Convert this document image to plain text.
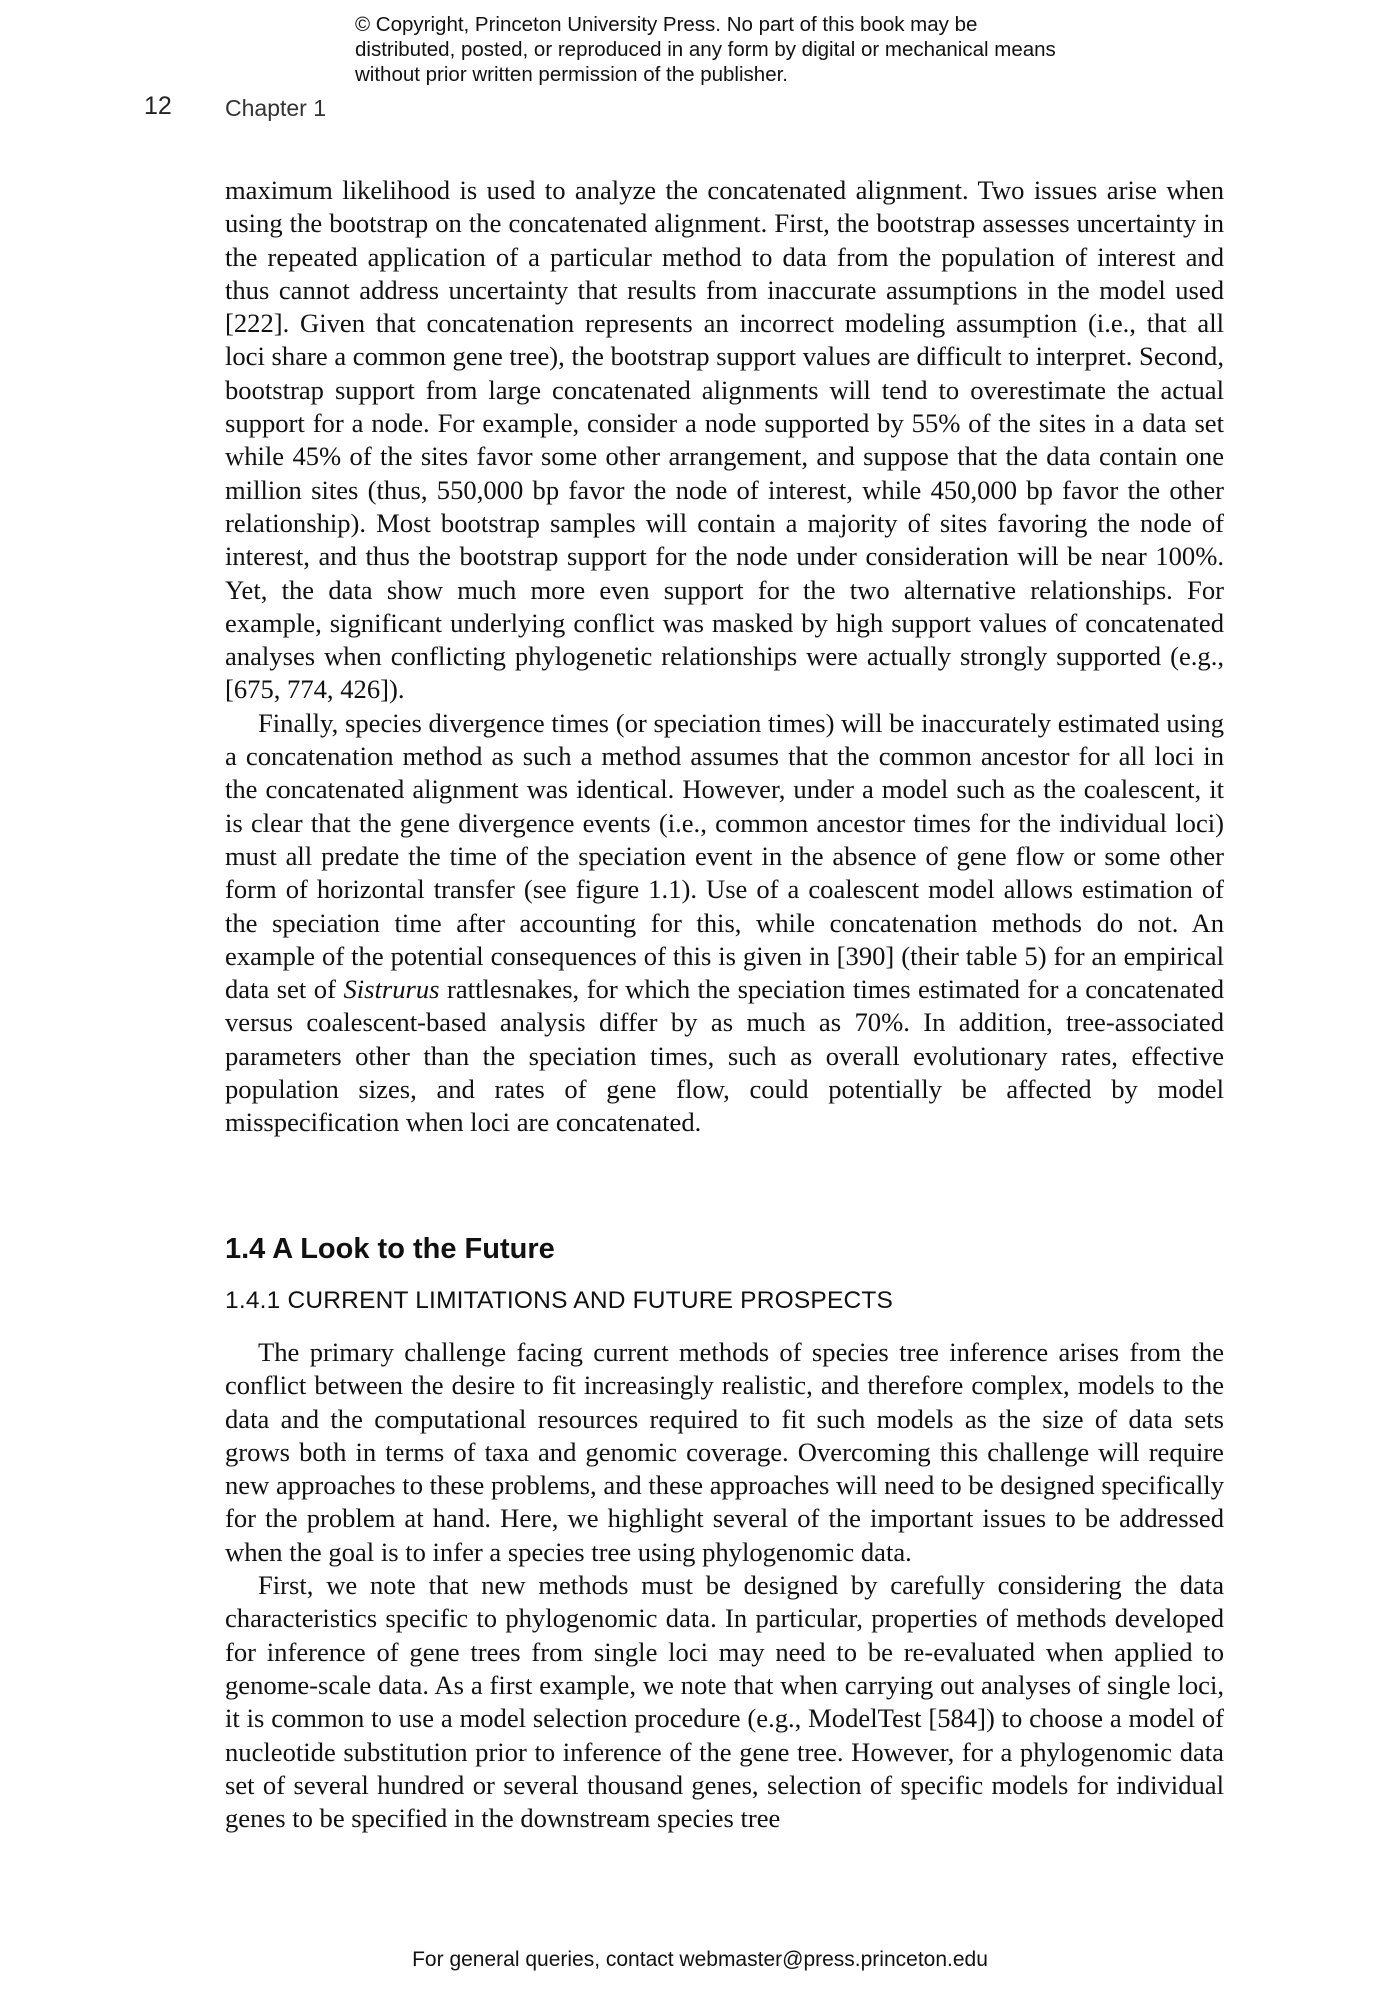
© Copyright, Princeton University Press. No part of this book may be distributed, posted, or reproduced in any form by digital or mechanical means without prior written permission of the publisher.
12 Chapter 1

maximum likelihood is used to analyze the concatenated alignment. Two issues arise when using the bootstrap on the concatenated alignment. First, the bootstrap assesses uncertainty in the repeated application of a particular method to data from the population of interest and thus cannot address uncertainty that results from inaccurate assumptions in the model used [222]. Given that concatenation represents an incorrect modeling assumption (i.e., that all loci share a common gene tree), the bootstrap support values are difficult to interpret. Second, bootstrap support from large concatenated alignments will tend to overestimate the actual support for a node. For example, consider a node supported by 55% of the sites in a data set while 45% of the sites favor some other arrangement, and suppose that the data contain one million sites (thus, 550,000 bp favor the node of interest, while 450,000 bp favor the other relationship). Most bootstrap samples will contain a majority of sites favoring the node of interest, and thus the bootstrap support for the node under consideration will be near 100%. Yet, the data show much more even support for the two alternative relationships. For example, significant underlying conflict was masked by high support values of concatenated analyses when conflicting phylogenetic relationships were actually strongly supported (e.g., [675, 774, 426]).

Finally, species divergence times (or speciation times) will be inaccurately estimated using a concatenation method as such a method assumes that the common ancestor for all loci in the concatenated alignment was identical. However, under a model such as the coalescent, it is clear that the gene divergence events (i.e., common ancestor times for the individual loci) must all predate the time of the speciation event in the absence of gene flow or some other form of horizontal transfer (see figure 1.1). Use of a coalescent model allows estimation of the speciation time after accounting for this, while concatenation methods do not. An example of the potential consequences of this is given in [390] (their table 5) for an empirical data set of Sistrurus rattlesnakes, for which the speciation times estimated for a concatenated versus coalescent-based analysis differ by as much as 70%. In addition, tree-associated parameters other than the speciation times, such as overall evolutionary rates, effective population sizes, and rates of gene flow, could potentially be affected by model misspecification when loci are concatenated.

1.4 A Look to the Future
1.4.1 CURRENT LIMITATIONS AND FUTURE PROSPECTS

The primary challenge facing current methods of species tree inference arises from the conflict between the desire to fit increasingly realistic, and therefore complex, models to the data and the computational resources required to fit such models as the size of data sets grows both in terms of taxa and genomic coverage. Overcoming this challenge will require new approaches to these problems, and these approaches will need to be designed specifically for the problem at hand. Here, we highlight several of the important issues to be addressed when the goal is to infer a species tree using phylogenomic data.

First, we note that new methods must be designed by carefully considering the data characteristics specific to phylogenomic data. In particular, properties of methods developed for inference of gene trees from single loci may need to be re-evaluated when applied to genome-scale data. As a first example, we note that when carrying out analyses of single loci, it is common to use a model selection procedure (e.g., ModelTest [584]) to choose a model of nucleotide substitution prior to inference of the gene tree. However, for a phylogenomic data set of several hundred or several thousand genes, selection of specific models for individual genes to be specified in the downstream species tree

For general queries, contact webmaster@press.princeton.edu
